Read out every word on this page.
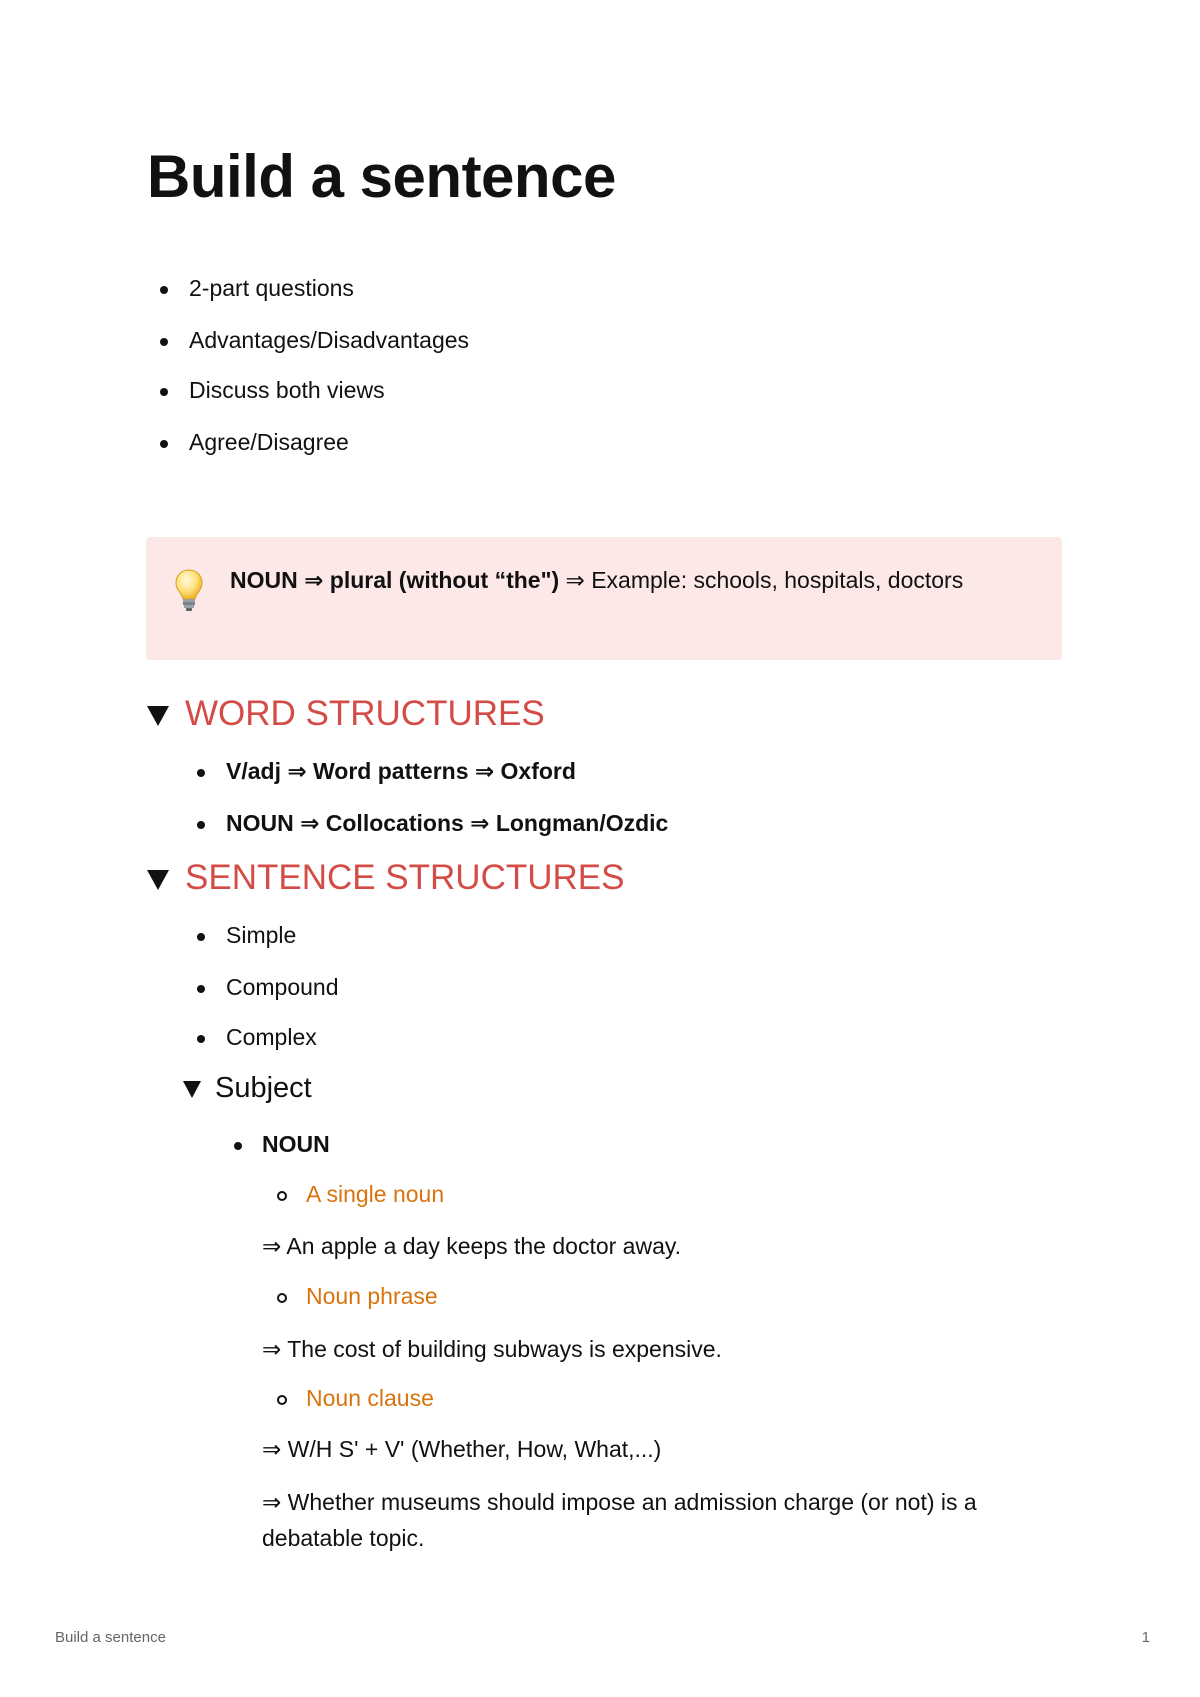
Build a sentence
2-part questions
Advantages/Disadvantages
Discuss both views
Agree/Disagree
NOUN ⇒ plural (without “the") ⇒ Example: schools, hospitals, doctors
WORD STRUCTURES
V/adj ⇒ Word patterns ⇒ Oxford
NOUN ⇒ Collocations ⇒ Longman/Ozdic
SENTENCE STRUCTURES
Simple
Compound
Complex
Subject
NOUN
A single noun
⇒ An apple a day keeps the doctor away.
Noun phrase
⇒ The cost of building subways is expensive.
Noun clause
⇒ W/H S' + V' (Whether, How, What,...)
⇒ Whether museums should impose an admission charge (or not) is a debatable topic.
Build a sentence	1
